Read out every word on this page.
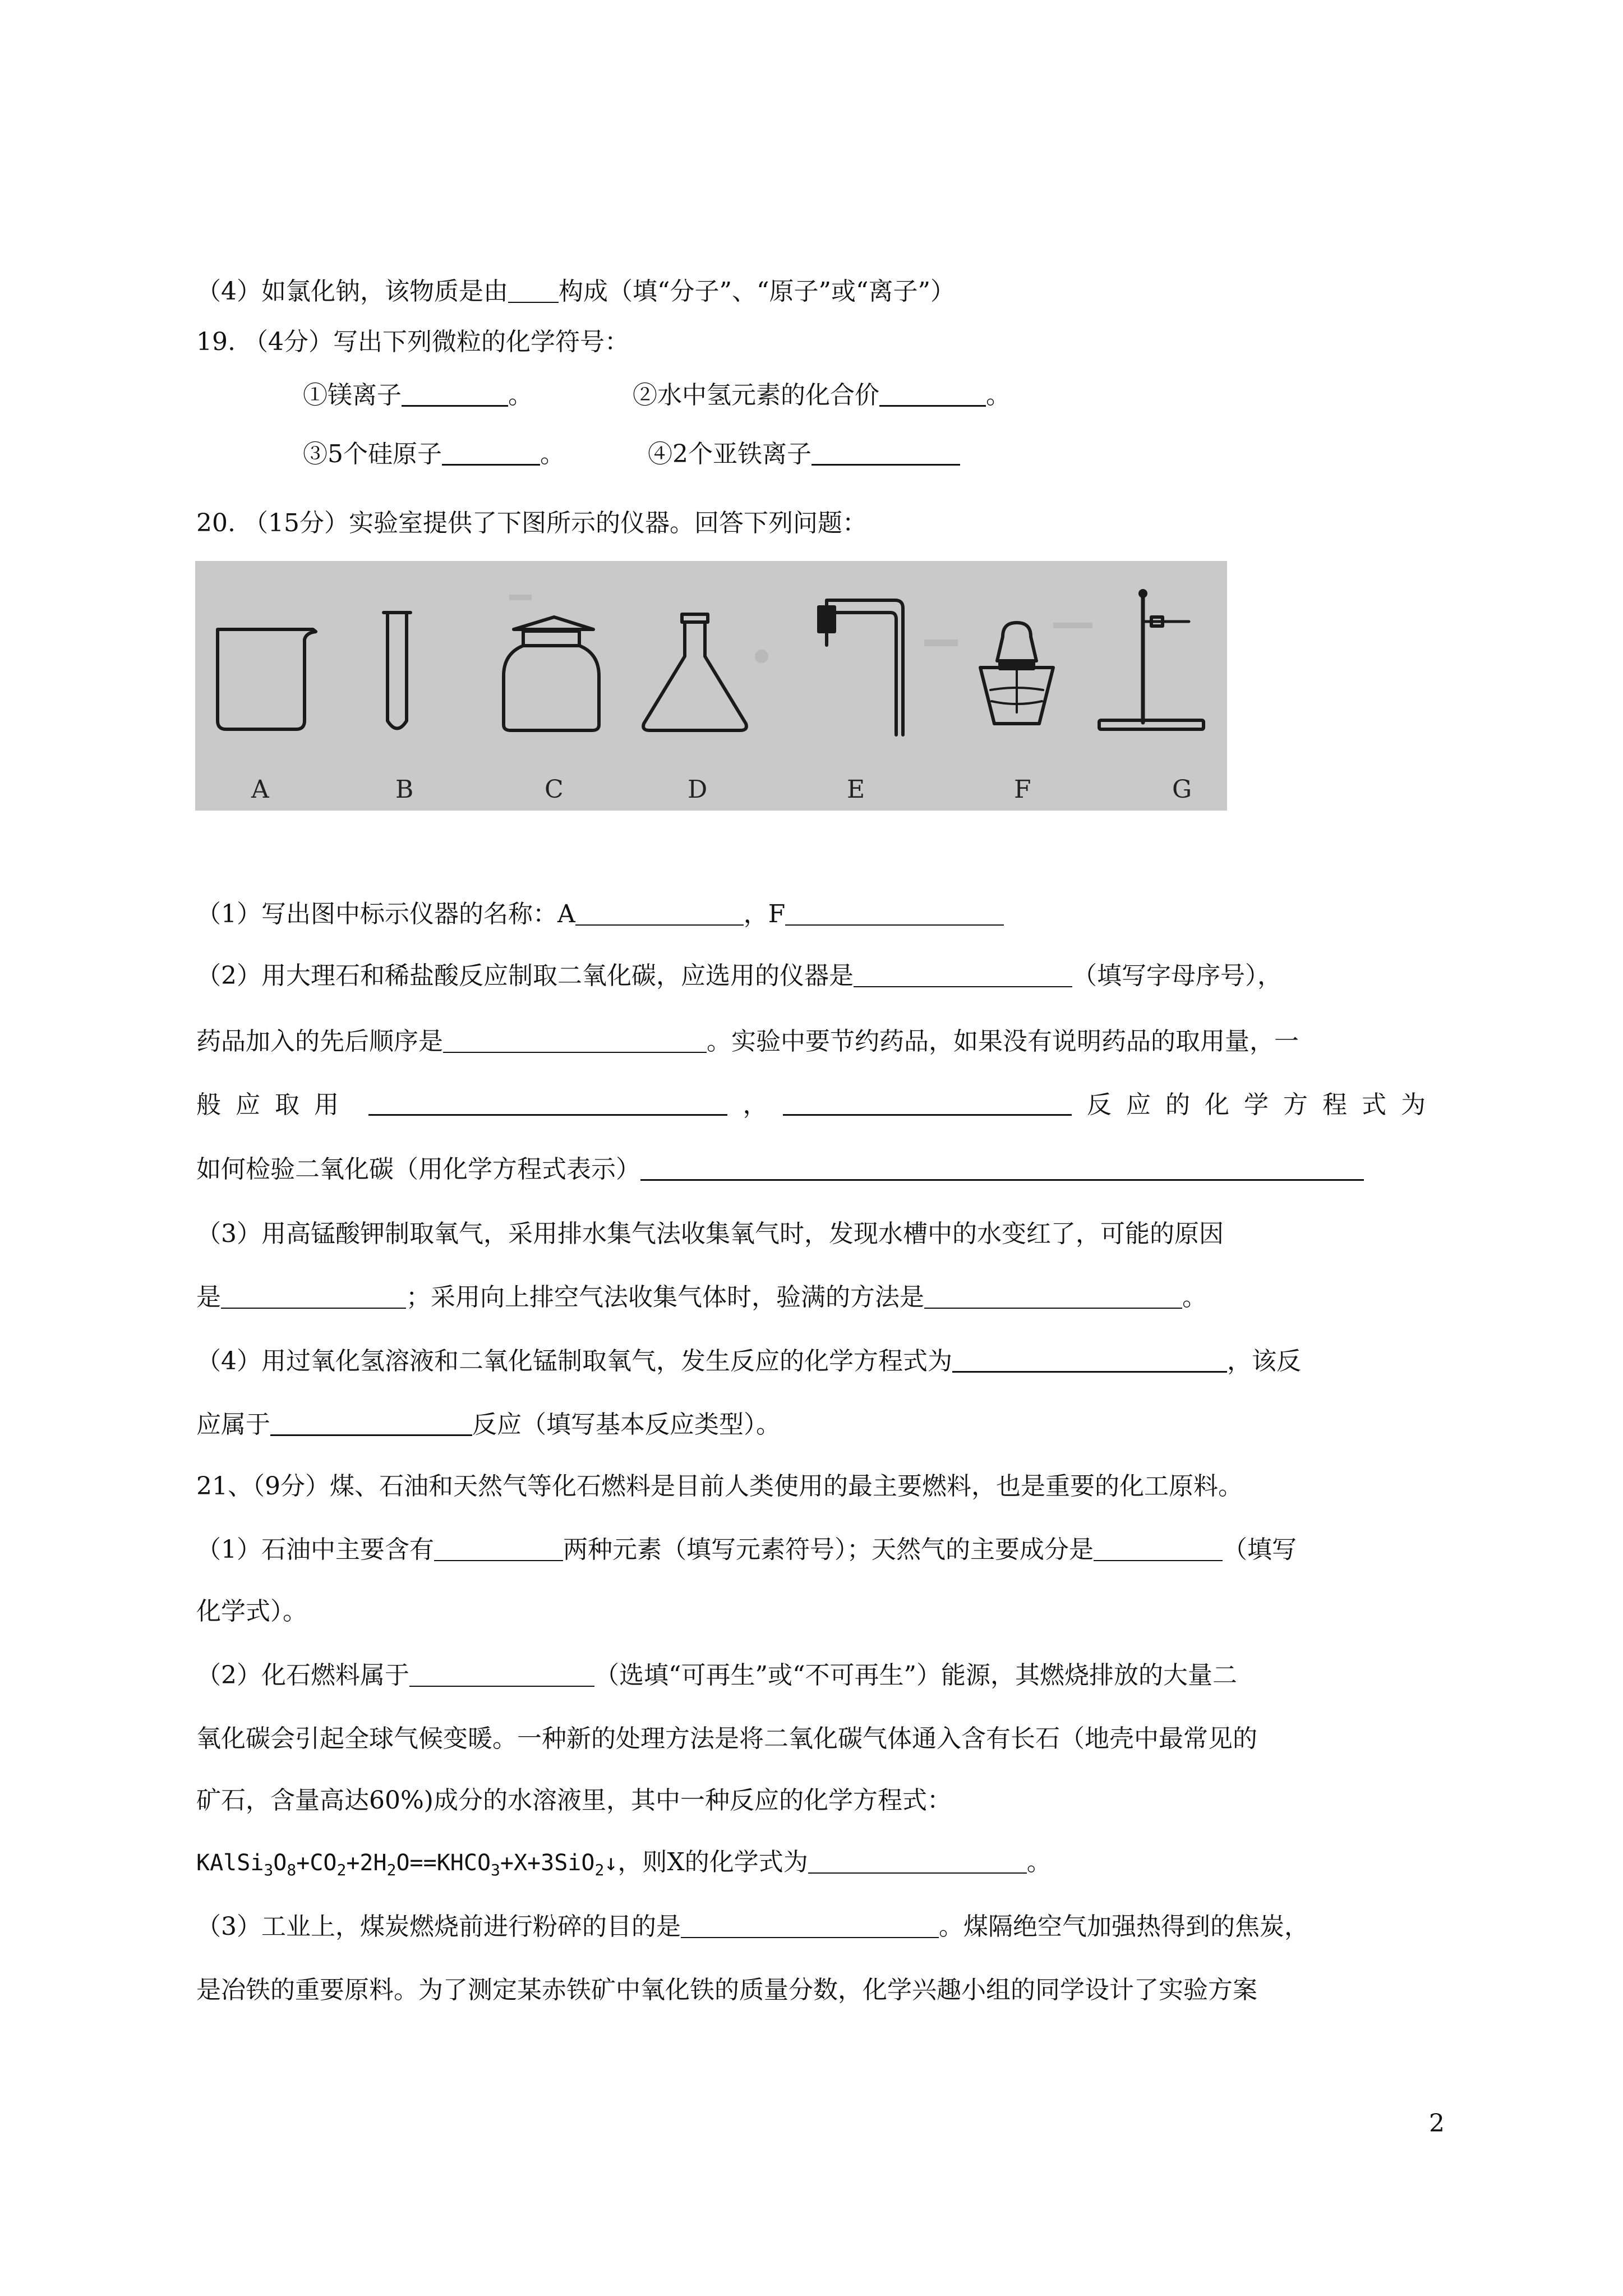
（4）如氯化钠，该物质是由 构成（填“分子”、“原子”或“离子”）
19. （4分）写出下列微粒的化学符号：
①镁离子	。	②水中氢元素的化合价	。
③5个硅原子	。	④2个亚铁离子
20. （15分）实验室提供了下图所示的仪器。回答下列问题：
A	B	C	D	E	F	G
（1）写出图中标示仪器的名称：A	，F
（2）用大理石和稀盐酸反应制取二氧化碳，应选用的仪器是	（填写字母序号），
药品加入的先后顺序是	。实验中要节约药品，如果没有说明药品的取用量，一
般应取用	，	反应的化学方程式为
如何检验二氧化碳（用化学方程式表示）
（3）用高锰酸钾制取氧气，采用排水集气法收集氧气时，发现水槽中的水变红了，可能的原因
是	；采用向上排空气法收集气体时，验满的方法是	。
（4）用过氧化氢溶液和二氧化锰制取氧气，发生反应的化学方程式为	，该反
应属于	反应（填写基本反应类型）。
21、（9分）煤、石油和天然气等化石燃料是目前人类使用的最主要燃料，也是重要的化工原料。
（1）石油中主要含有	两种元素（填写元素符号）；天然气的主要成分是	（填写
化学式）。
（2）化石燃料属于	（选填“可再生”或“不可再生”）能源，其燃烧排放的大量二
氧化碳会引起全球气候变暖。一种新的处理方法是将二氧化碳气体通入含有长石（地壳中最常见的
矿石，含量高达60%)成分的水溶液里，其中一种反应的化学方程式：
$KAlSi_3O_8+CO_2+2H_2O==KHCO_3+X+3SiO_2↓$，则X的化学式为	。
（3）工业上，煤炭燃烧前进行粉碎的目的是	。煤隔绝空气加强热得到的焦炭，
是冶铁的重要原料。为了测定某赤铁矿中氧化铁的质量分数，化学兴趣小组的同学设计了实验方案
2
